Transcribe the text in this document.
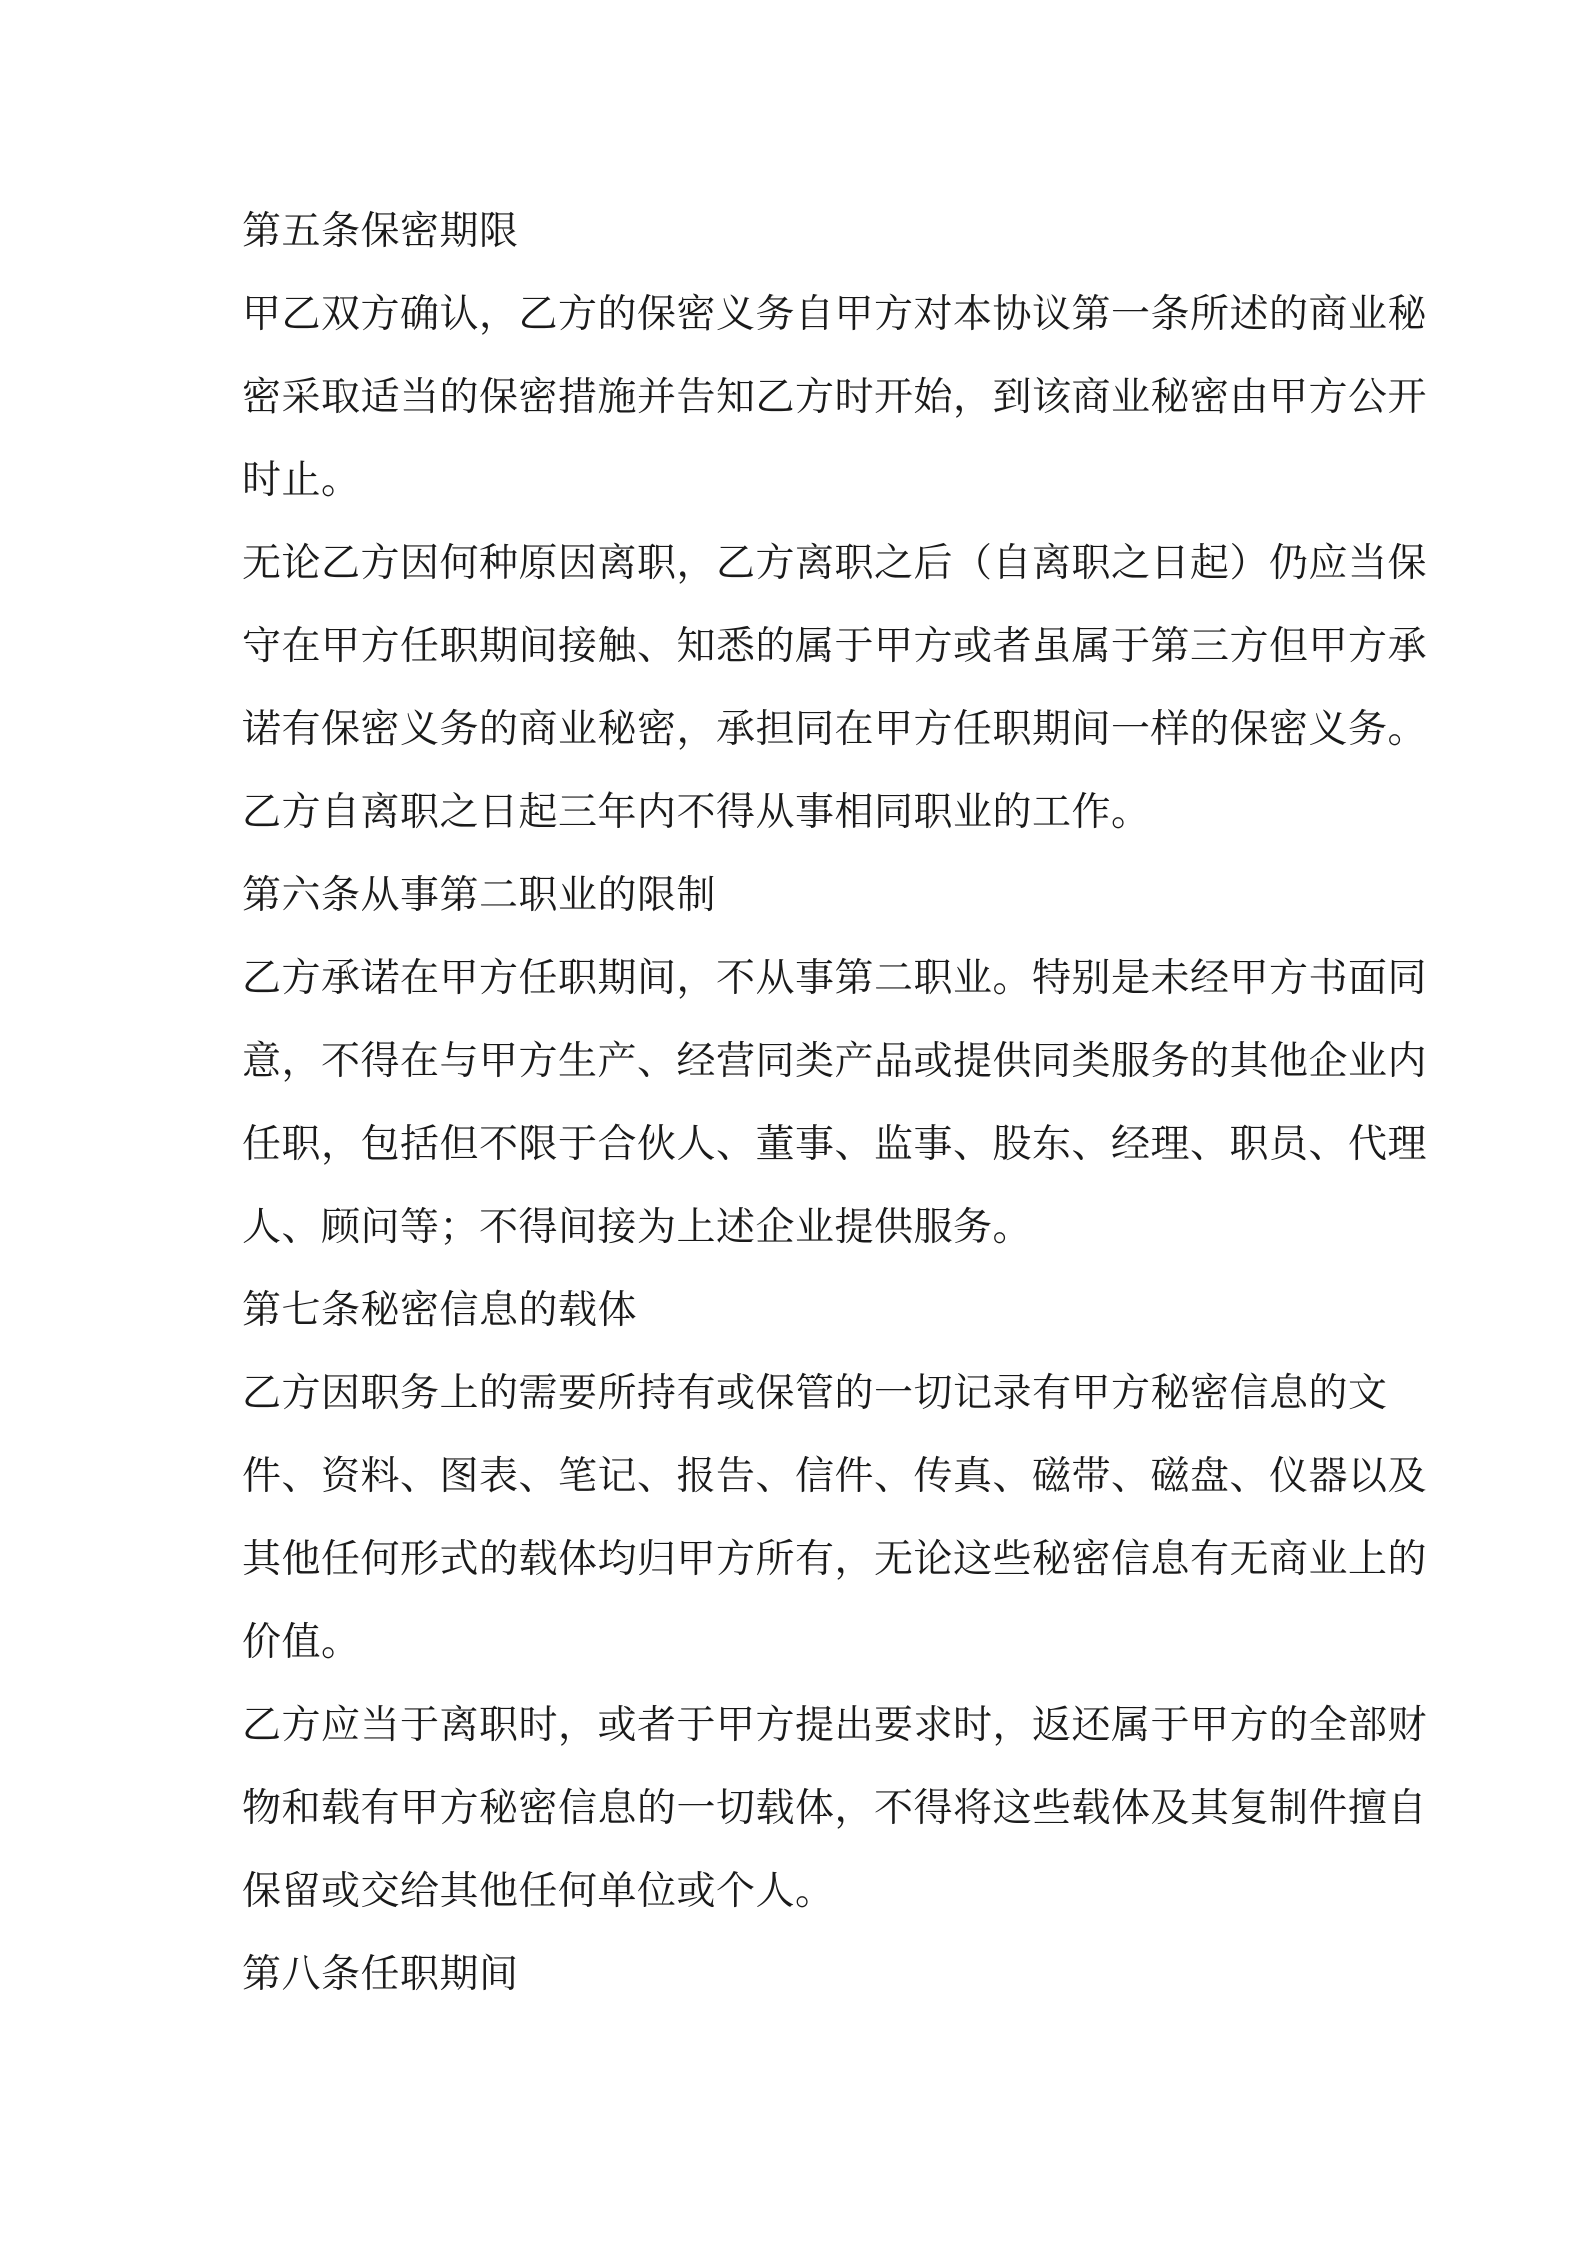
第五条保密期限
甲乙双方确认，乙方的保密义务自甲方对本协议第一条所述的商业秘
密采取适当的保密措施并告知乙方时开始，到该商业秘密由甲方公开
时止。
无论乙方因何种原因离职，乙方离职之后（自离职之日起）仍应当保
守在甲方任职期间接触、知悉的属于甲方或者虽属于第三方但甲方承
诺有保密义务的商业秘密，承担同在甲方任职期间一样的保密义务。
乙方自离职之日起三年内不得从事相同职业的工作。
第六条从事第二职业的限制
乙方承诺在甲方任职期间，不从事第二职业。特别是未经甲方书面同
意，不得在与甲方生产、经营同类产品或提供同类服务的其他企业内
任职，包括但不限于合伙人、董事、监事、股东、经理、职员、代理
人、顾问等；不得间接为上述企业提供服务。
第七条秘密信息的载体
乙方因职务上的需要所持有或保管的一切记录有甲方秘密信息的文
件、资料、图表、笔记、报告、信件、传真、磁带、磁盘、仪器以及
其他任何形式的载体均归甲方所有，无论这些秘密信息有无商业上的
价值。
乙方应当于离职时，或者于甲方提出要求时，返还属于甲方的全部财
物和载有甲方秘密信息的一切载体，不得将这些载体及其复制件擅自
保留或交给其他任何单位或个人。
第八条任职期间
